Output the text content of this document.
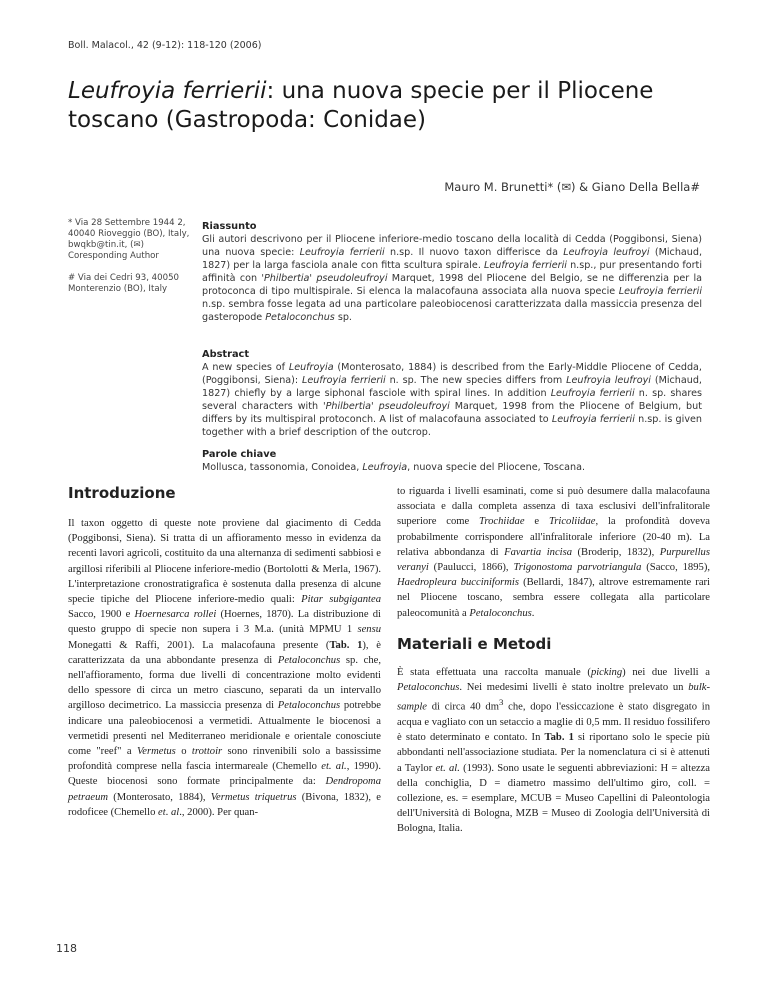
Boll. Malacol., 42 (9-12): 118-120 (2006)
Leufroyia ferrierii: una nuova specie per il Pliocene toscano (Gastropoda: Conidae)
Mauro M. Brunetti* (✉) & Giano Della Bella#

* Via 28 Settembre 1944 2, 40040 Rioveggio (BO), Italy, bwqkb@tin.it, (✉) Coresponding Author

# Via dei Cedri 93, 40050 Monterenzio (BO), Italy

Riassunto

Gli autori descrivono per il Pliocene inferiore-medio toscano della località di Cedda (Poggibonsi, Siena) una nuova specie: Leufroyia ferrierii n.sp. Il nuovo taxon differisce da Leufroyia leufroyi (Michaud, 1827) per la larga fasciola anale con fitta scultura spirale. Leufroyia ferrierii n.sp., pur presentando forti affinità con 'Philbertia' pseudoleufroyi Marquet, 1998 del Pliocene del Belgio, se ne differenzia per la protoconca di tipo multispirale. Si elenca la malacofauna associata alla nuova specie Leufroyia ferrierii n.sp. sembra fosse legata ad una particolare paleobiocenosi caratterizzata dalla massiccia presenza del gasteropode Petaloconchus sp.

Abstract

A new species of Leufroyia (Monterosato, 1884) is described from the Early-Middle Pliocene of Cedda, (Poggibonsi, Siena): Leufroyia ferrierii n. sp. The new species differs from Leufroyia leufroyi (Michaud, 1827) chiefly by a large siphonal fasciole with spiral lines. In addition Leufroyia ferrierii n. sp. shares several characters with 'Philbertia' pseudoleufroyi Marquet, 1998 from the Pliocene of Belgium, but differs by its multispiral protoconch. A list of malacofauna associated to Leufroyia ferrierii n.sp. is given together with a brief description of the outcrop.

Parole chiave

Mollusca, tassonomia, Conoidea, Leufroyia, nuova specie del Pliocene, Toscana.

Introduzione

Il taxon oggetto di queste note proviene dal giacimento di Cedda (Poggibonsi, Siena). Si tratta di un affioramento messo in evidenza da recenti lavori agricoli, costituito da una alternanza di sedimenti sabbiosi e argillosi riferibili al Pliocene inferiore-medio (Bortolotti & Merla, 1967). L'interpretazione cronostratigrafica è sostenuta dalla presenza di alcune specie tipiche del Pliocene inferiore-medio quali: Pitar subgigantea Sacco, 1900 e Hoernesarca rollei (Hoernes, 1870). La distribuzione di questo gruppo di specie non supera i 3 M.a. (unità MPMU 1 sensu Monegatti & Raffi, 2001). La malacofauna presente (Tab. 1), è caratterizzata da una abbondante presenza di Petaloconchus sp. che, nell'affioramento, forma due livelli di concentrazione molto evidenti dello spessore di circa un metro ciascuno, separati da un intervallo argilloso decimetrico. La massiccia presenza di Petaloconchus potrebbe indicare una paleobiocenosi a vermetidi. Attualmente le biocenosi a vermetidi presenti nel Mediterraneo meridionale e orientale conosciute come "reef" a Vermetus o trottoir sono rinvenibili solo a bassissime profondità comprese nella fascia intermareale (Chemello et. al., 1990). Queste biocenosi sono formate principalmente da: Dendropoma petraeum (Monterosato, 1884), Vermetus triquetrus (Bivona, 1832), e rodoficee (Chemello et. al., 2000). Per quan-

to riguarda i livelli esaminati, come si può desumere dalla malacofauna associata e dalla completa assenza di taxa esclusivi dell'infralitorale superiore come Trochiidae e Tricoliidae, la profondità doveva probabilmente corrispondere all'infralitorale inferiore (20-40 m). La relativa abbondanza di Favartia incisa (Broderip, 1832), Purpurellus veranyi (Paulucci, 1866), Trigonostoma parvotriangula (Sacco, 1895), Haedropleura bucciniformis (Bellardi, 1847), altrove estremamente rari nel Pliocene toscano, sembra essere collegata alla particolare paleocomunità a Petaloconchus.

Materiali e Metodi

È stata effettuata una raccolta manuale (picking) nei due livelli a Petaloconchus. Nei medesimi livelli è stato inoltre prelevato un bulk-sample di circa 40 $dm^3$ che, dopo l'essiccazione è stato disgregato in acqua e vagliato con un setaccio a maglie di 0,5 mm. Il residuo fossilifero è stato determinato e contato. In Tab. 1 si riportano solo le specie più abbondanti nell'associazione studiata. Per la nomenclatura ci si è attenuti a Taylor et. al. (1993). Sono usate le seguenti abbreviazioni: H = altezza della conchiglia, D = diametro massimo dell'ultimo giro, coll. = collezione, es. = esemplare, MCUB = Museo Capellini di Paleontologia dell'Università di Bologna, MZB = Museo di Zoologia dell'Università di Bologna, Italia.

118
